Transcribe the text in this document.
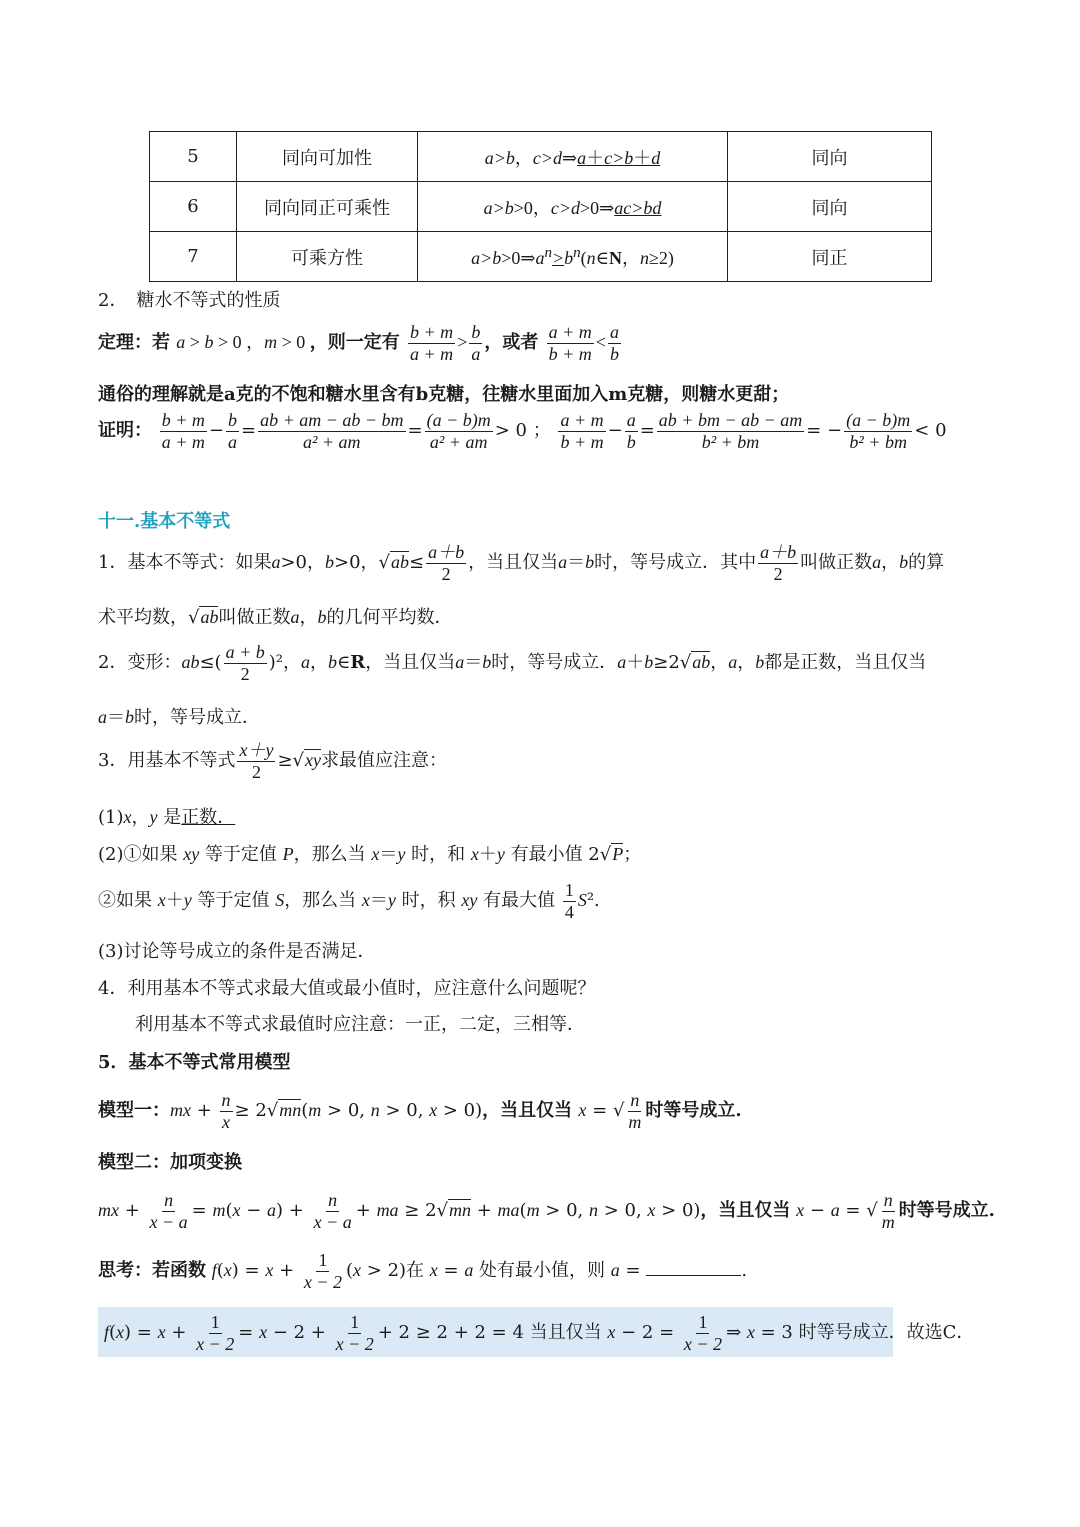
5	同向可加性	a>b，c>d⇒a＋c>b＋d	同向
6	同向同正可乘性	a>b>0，c>d>0⇒ac>bd	同向
7	可乘方性	$a>b>0\Rightarrow a^n>b^n(n\in N$，n≥2)	同正
2．　糖水不等式的性质
定理：若 a > b > 0 ，m > 0 ，则一定有 $\frac{b + m}{a + m} > \frac{b}{a}$ ，或者 $\frac{a + m}{b + m} < \frac{a}{b}$
通俗的理解就是a克的不饱和糖水里含有b克糖，往糖水里面加入m克糖，则糖水更甜；
证明： $\frac{b + m}{a + m} - \frac{b}{a} = \frac{ab + am - ab - bm}{\text{a² + am}} = \frac{(a - b)m}{\text{a² + am}} > 0$ ； $\frac{a + m}{b + m} - \frac{a}{b} = \frac{ab + bm - ab - am}{\text{b² + bm}}$ = − $\frac{(a - b)m}{\text{b² + bm}} < 0$
十一.基本不等式
1．基本不等式：如果a>0，b>0，$√ab\le \frac{a+b}{2}$ ，当且仅当a＝b时，等号成立．其中 $\frac{a+b}{2}$ 叫做正数a，b的算
术平均数，√ab叫做正数a，b的几何平均数．
2．变形：$ab\le( \frac{a + b}{2} )^2$，a，b∈R，当且仅当a＝b时，等号成立．a＋b≥2√ab，a，b都是正数，当且仅当
a＝b时，等号成立．
3．用基本不等式 $\frac{x+y}{2} \ge√xy$求最值应注意：
(1)x，y 是正数．
(2)①如果 xy 等于定值 P，那么当 x＝y 时，和 x＋y 有最小值 2√P；
②如果 x＋y 等于定值 S，那么当 x＝y 时，积 xy 有最大值 $\frac{1}{4} S^2$.
(3)讨论等号成立的条件是否满足．
4．利用基本不等式求最大值或最小值时，应注意什么问题呢？
利用基本不等式求最值时应注意：一正，二定，三相等．
5．基本不等式常用模型
模型一：mx + $\frac{n}{x} \ge 2√mn(m > 0$, n > 0, x > 0)，当且仅当 x = √ $\frac{n}{m}$ 时等号成立.
模型二：加项变换
mx + $\frac{n}{x - a} = m(x - a) + \frac{n}{x - a}$ + ma ≥ 2√mn + ma(m > 0, n > 0, x > 0)，当且仅当 x − a = √ $\frac{n}{m}$ 时等号成立.
思考：若函数 $f(x) = x + \frac{1}{x - 2} (x > 2)$在 x = a 处有最小值，则 a =	.
$f(x) = x + \frac{1}{x - 2} = x - 2 + \frac{1}{x - 2} + 2 \ge 2 + 2 = 4$ 当且仅当 $x - 2 = \frac{1}{x - 2}$ ⇒ x = 3 时等号成立．故选C．
